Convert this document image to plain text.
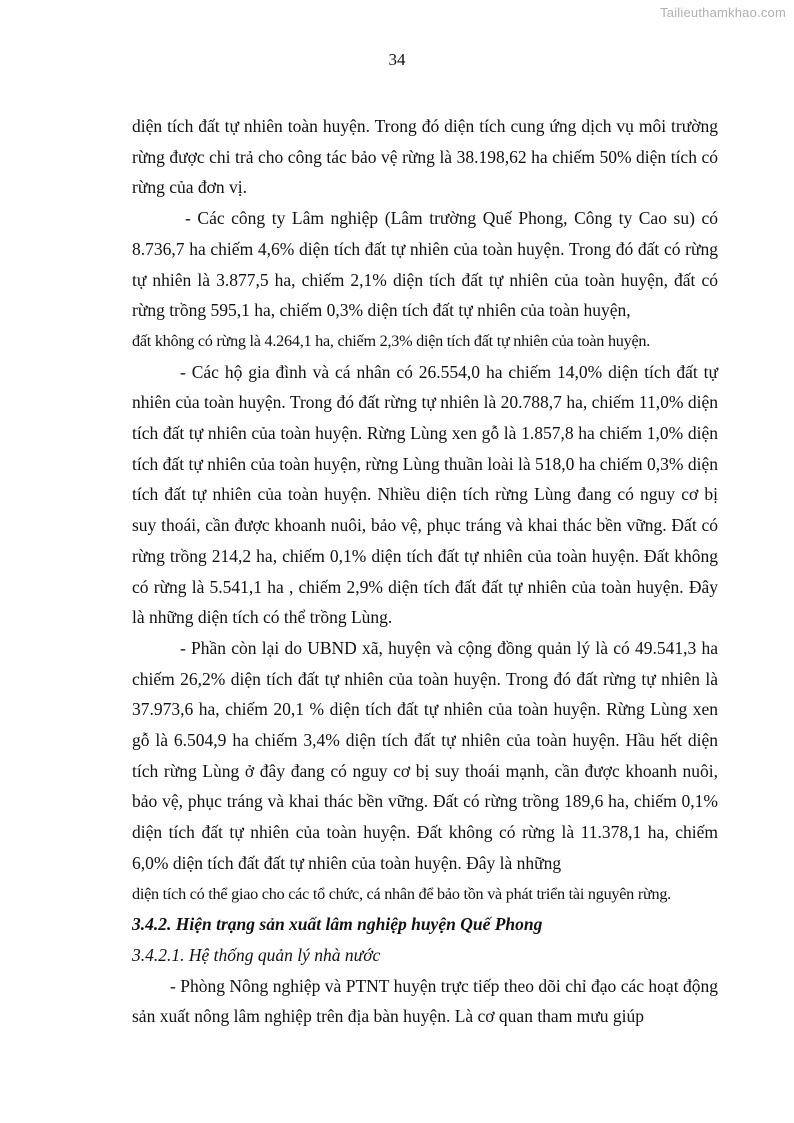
Tailieuthamkhao.com
34

diện tích đất tự nhiên toàn huyện. Trong đó diện tích cung ứng dịch vụ môi trường rừng được chi trả cho công tác bảo vệ rừng là 38.198,62 ha chiếm 50% diện tích có rừng của đơn vị.

- Các công ty Lâm nghiệp (Lâm trường Quế Phong, Công ty Cao su) có 8.736,7 ha chiếm 4,6% diện tích đất tự nhiên của toàn huyện. Trong đó đất có rừng tự nhiên là 3.877,5 ha, chiếm 2,1% diện tích đất tự nhiên của toàn huyện, đất có rừng trồng 595,1 ha, chiếm 0,3% diện tích đất tự nhiên của toàn huyện,

đất không có rừng là 4.264,1 ha, chiếm 2,3% diện tích đất tự nhiên của toàn huyện.

- Các hộ gia đình và cá nhân có 26.554,0 ha chiếm 14,0% diện tích đất tự nhiên của toàn huyện. Trong đó đất rừng tự nhiên là 20.788,7 ha, chiếm 11,0% diện tích đất tự nhiên của toàn huyện. Rừng Lùng xen gỗ là 1.857,8 ha chiếm 1,0% diện tích đất tự nhiên của toàn huyện, rừng Lùng thuần loài là 518,0 ha chiếm 0,3% diện tích đất tự nhiên của toàn huyện. Nhiều diện tích rừng Lùng đang có nguy cơ bị suy thoái, cần được khoanh nuôi, bảo vệ, phục tráng và khai thác bền vững. Đất có rừng trồng 214,2 ha, chiếm 0,1% diện tích đất tự nhiên của toàn huyện. Đất không có rừng là 5.541,1 ha , chiếm 2,9% diện tích đất đất tự nhiên của toàn huyện. Đây là những diện tích có thể trồng Lùng.

- Phần còn lại do UBND xã, huyện và cộng đồng quản lý là có 49.541,3 ha chiếm 26,2% diện tích đất tự nhiên của toàn huyện. Trong đó đất rừng tự nhiên là 37.973,6 ha, chiếm 20,1 % diện tích đất tự nhiên của toàn huyện. Rừng Lùng xen gỗ là 6.504,9 ha chiếm 3,4% diện tích đất tự nhiên của toàn huyện. Hầu hết diện tích rừng Lùng ở đây đang có nguy cơ bị suy thoái mạnh, cần được khoanh nuôi, bảo vệ, phục tráng và khai thác bền vững. Đất có rừng trồng 189,6 ha, chiếm 0,1% diện tích đất tự nhiên của toàn huyện. Đất không có rừng là 11.378,1 ha, chiếm 6,0% diện tích đất đất tự nhiên của toàn huyện. Đây là những

diện tích có thể giao cho các tổ chức, cá nhân để bảo tồn và phát triển tài nguyên rừng.

3.4.2. Hiện trạng sản xuất lâm nghiệp huyện Quế Phong

3.4.2.1. Hệ thống quản lý nhà nước

- Phòng Nông nghiệp và PTNT huyện trực tiếp theo dõi chỉ đạo các hoạt động sản xuất nông lâm nghiệp trên địa bàn huyện. Là cơ quan tham mưu giúp
